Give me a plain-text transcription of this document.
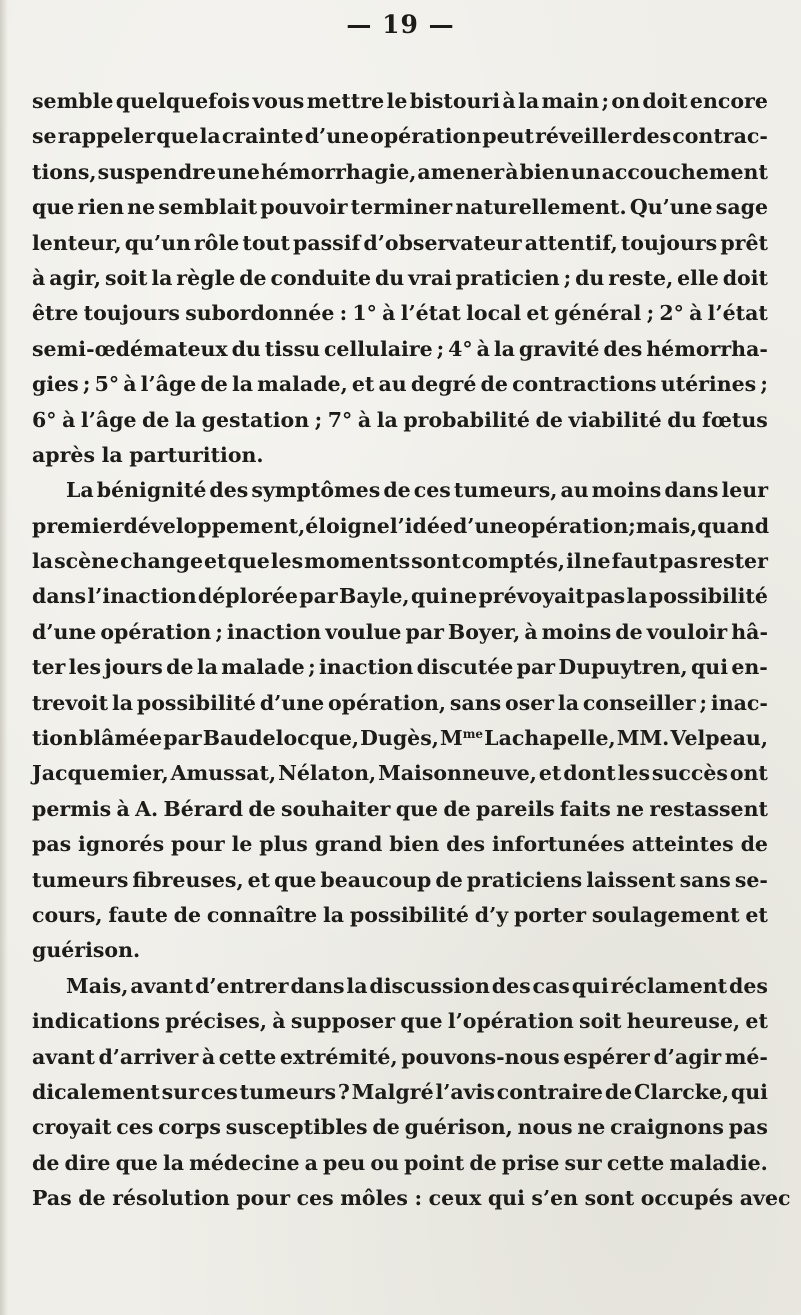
— 19 —
semble quelquefois vous mettre le bistouri à la main ; on doit encore
se rappeler que la crainte d’une opération peut réveiller des contrac-
tions, suspendre une hémorrhagie, amener à bien un accouchement
que rien ne semblait pouvoir terminer naturellement. Qu’une sage
lenteur, qu’un rôle tout passif d’observateur attentif, toujours prêt
à agir, soit la règle de conduite du vrai praticien ; du reste, elle doit
être toujours subordonnée : 1° à l’état local et général ; 2° à l’état
semi-œdémateux du tissu cellulaire ; 4° à la gravité des hémorrha-
gies ; 5° à l’âge de la malade, et au degré de contractions utérines ;
6° à l’âge de la gestation ; 7° à la probabilité de viabilité du fœtus
après la parturition.
La bénignité des symptômes de ces tumeurs, au moins dans leur
premier développement, éloigne l’idée d’une opération ; mais, quand
la scène change et que les moments sont comptés, il ne faut pas rester
dans l’inaction déplorée par Bayle, qui ne prévoyait pas la possibilité
d’une opération ; inaction voulue par Boyer, à moins de vouloir hâ-
ter les jours de la malade ; inaction discutée par Dupuytren, qui en-
trevoit la possibilité d’une opération, sans oser la conseiller ; inac-
tion blâmée par Baudelocque, Dugès, $M^{me}$ Lachapelle, MM. Velpeau,
Jacquemier, Amussat, Nélaton, Maisonneuve, et dont les succès ont
permis à A. Bérard de souhaiter que de pareils faits ne restassent
pas ignorés pour le plus grand bien des infortunées atteintes de
tumeurs fibreuses, et que beaucoup de praticiens laissent sans se-
cours, faute de connaître la possibilité d’y porter soulagement et
guérison.
Mais, avant d’entrer dans la discussion des cas qui réclament des
indications précises, à supposer que l’opération soit heureuse, et
avant d’arriver à cette extrémité, pouvons-nous espérer d’agir mé-
dicalement sur ces tumeurs ? Malgré l’avis contraire de Clarcke, qui
croyait ces corps susceptibles de guérison, nous ne craignons pas
de dire que la médecine a peu ou point de prise sur cette maladie.
Pas de résolution pour ces môles : ceux qui s’en sont occupés avec
